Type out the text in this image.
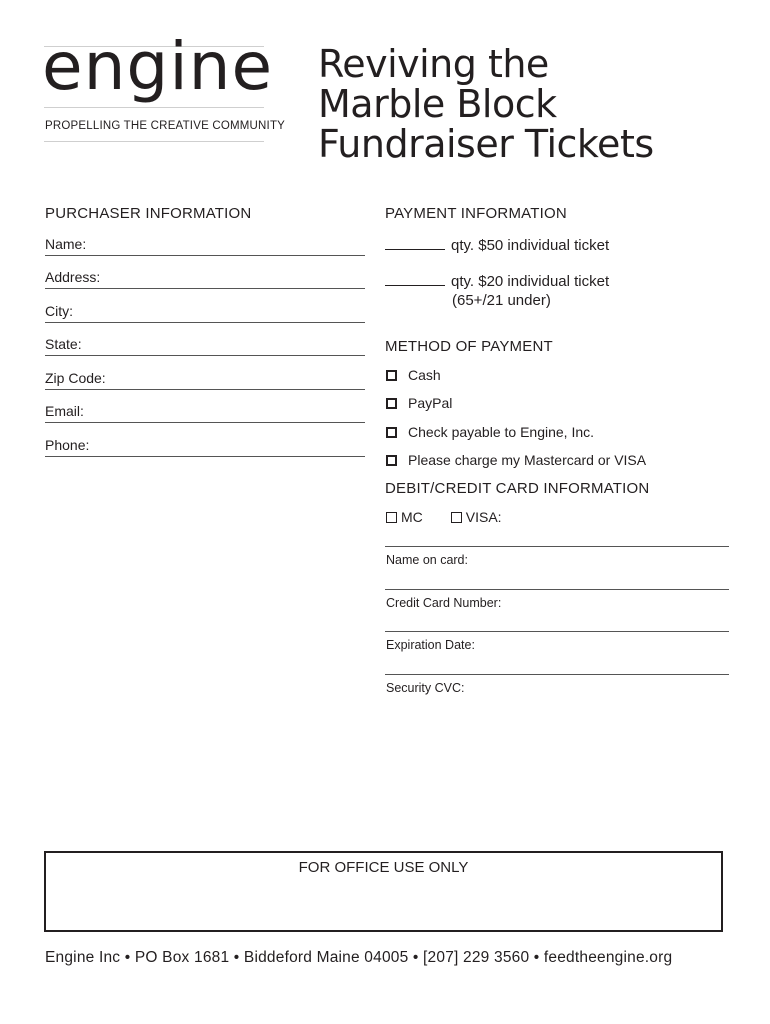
engine
PROPELLING THE CREATIVE COMMUNITY
Reviving the
Marble Block
Fundraiser Tickets
PURCHASER INFORMATION
Name:
Address:
City:
State:
Zip Code:
Email:
Phone:
PAYMENT INFORMATION
qty. $50 individual ticket
qty. $20 individual ticket
(65+/21 under)
METHOD OF PAYMENT
Cash
PayPal
Check payable to Engine, Inc.
Please charge my Mastercard or VISA
DEBIT/CREDIT CARD INFORMATION
MC	VISA:
Name on card:
Credit Card Number:
Expiration Date:
Security CVC:
FOR OFFICE USE ONLY
Engine Inc • PO Box 1681 • Biddeford Maine 04005 • [207] 229 3560 • feedtheengine.org
